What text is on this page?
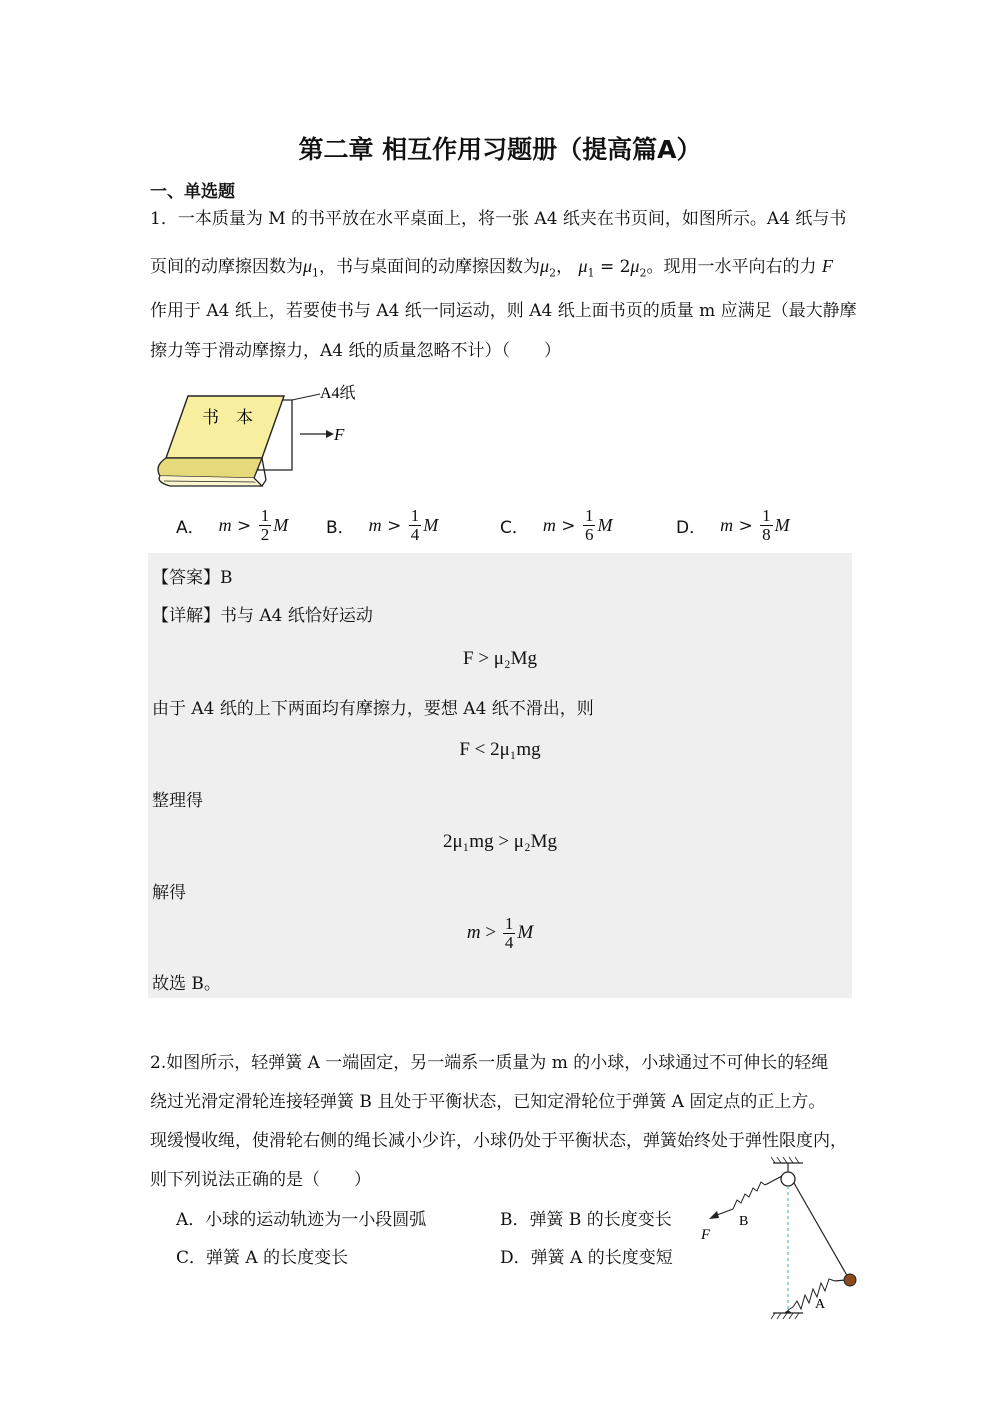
第二章 相互作用习题册（提高篇A）
一、单选题
1．一本质量为 M 的书平放在水平桌面上，将一张 A4 纸夹在书页间，如图所示。A4 纸与书
页间的动摩擦因数为$\mu_1$，书与桌面间的动摩擦因数为$\mu_2$， $\mu_1 = 2\mu_2$。现用一水平向右的力 F
作用于 A4 纸上，若要使书与 A4 纸一同运动，则 A4 纸上面书页的质量 m 应满足（最大静摩
擦力等于滑动摩擦力，A4 纸的质量忽略不计）（　　）
书　本
A4纸
F
A． $m > \frac{1}{2}$ M B． $m > \frac{1}{4}$ M	C． $m > \frac{1}{6}$ M	D． $m > \frac{1}{8}$ M
【答案】B
【详解】书与 A4 纸恰好运动
F > μ₂Mg
由于 A4 纸的上下两面均有摩擦力，要想 A4 纸不滑出，则
F < 2μ₁mg
整理得
2μ₁mg > μ₂Mg
解得
$m > \frac{1}{4}$ M
故选 B。
2.如图所示，轻弹簧 A 一端固定，另一端系一质量为 m 的小球，小球通过不可伸长的轻绳
绕过光滑定滑轮连接轻弹簧 B 且处于平衡状态，已知定滑轮位于弹簧 A 固定点的正上方。
现缓慢收绳，使滑轮右侧的绳长减小少许，小球仍处于平衡状态，弹簧始终处于弹性限度内，
则下列说法正确的是（　　）
A．小球的运动轨迹为一小段圆弧	B．弹簧 B 的长度变长
C．弹簧 A 的长度变长	D．弹簧 A 的长度变短
B
F
A
